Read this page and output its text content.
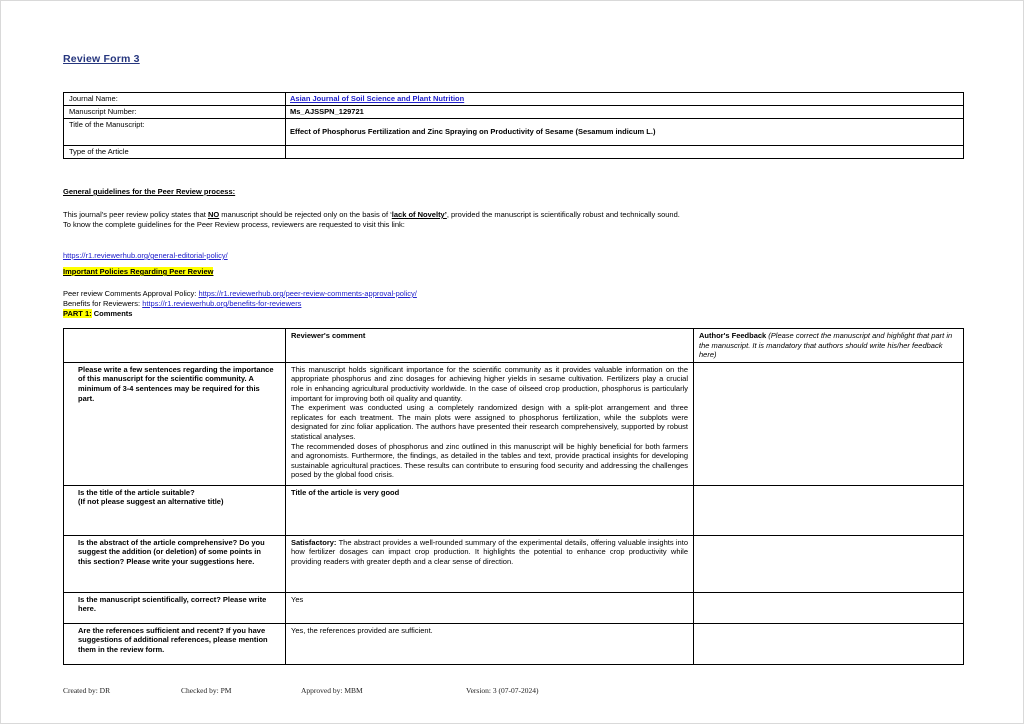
Review Form 3
Journal Name:	Asian Journal of Soil Science and Plant Nutrition
Manuscript Number:	Ms_AJSSPN_129721
Title of the Manuscript:	Effect of Phosphorus Fertilization and Zinc Spraying on Productivity of Sesame (Sesamum indicum L.)
Type of the Article	
General guidelines for the Peer Review process:
This journal’s peer review policy states that NO manuscript should be rejected only on the basis of ‘lack of Novelty’, provided the manuscript is scientifically robust and technically sound.
To know the complete guidelines for the Peer Review process, reviewers are requested to visit this link:
https://r1.reviewerhub.org/general-editorial-policy/
Important Policies Regarding Peer Review
Peer review Comments Approval Policy: https://r1.reviewerhub.org/peer-review-comments-approval-policy/
Benefits for Reviewers: https://r1.reviewerhub.org/benefits-for-reviewers
PART 1: Comments
	Reviewer's comment	Author's Feedback (Please correct the manuscript and highlight that part in the manuscript. It is mandatory that authors should write his/her feedback here)
Please write a few sentences regarding the importance of this manuscript for the scientific community. A minimum of 3-4 sentences may be required for this part.	This manuscript holds significant importance for the scientific community as it provides valuable information on the appropriate phosphorus and zinc dosages for achieving higher yields in sesame cultivation. Fertilizers play a crucial role in enhancing agricultural productivity worldwide. In the case of oilseed crop production, phosphorus is particularly important for improving both oil quality and quantity.

The experiment was conducted using a completely randomized design with a split-plot arrangement and three replicates for each treatment. The main plots were assigned to phosphorus fertilization, while the subplots were designated for zinc foliar application. The authors have presented their research comprehensively, supported by robust statistical analyses.

The recommended doses of phosphorus and zinc outlined in this manuscript will be highly beneficial for both farmers and agronomists. Furthermore, the findings, as detailed in the tables and text, provide practical insights for developing sustainable agricultural practices. These results can contribute to ensuring food security and addressing the challenges posed by the global food crisis.	

Is the title of the article suitable?
(If not please suggest an alternative title)	Title of the article is very good	
Is the abstract of the article comprehensive? Do you suggest the addition (or deletion) of some points in this section? Please write your suggestions here.	Satisfactory: The abstract provides a well-rounded summary of the experimental details, offering valuable insights into how fertilizer dosages can impact crop production. It highlights the potential to enhance crop productivity while providing readers with greater depth and a clear sense of direction.	

Is the manuscript scientifically, correct? Please write here.	Yes	
Are the references sufficient and recent? If you have suggestions of additional references, please mention them in the review form.	Yes, the references provided are sufficient.	
Created by: DR	Checked by: PM	Approved by: MBM	Version: 3 (07-07-2024)
